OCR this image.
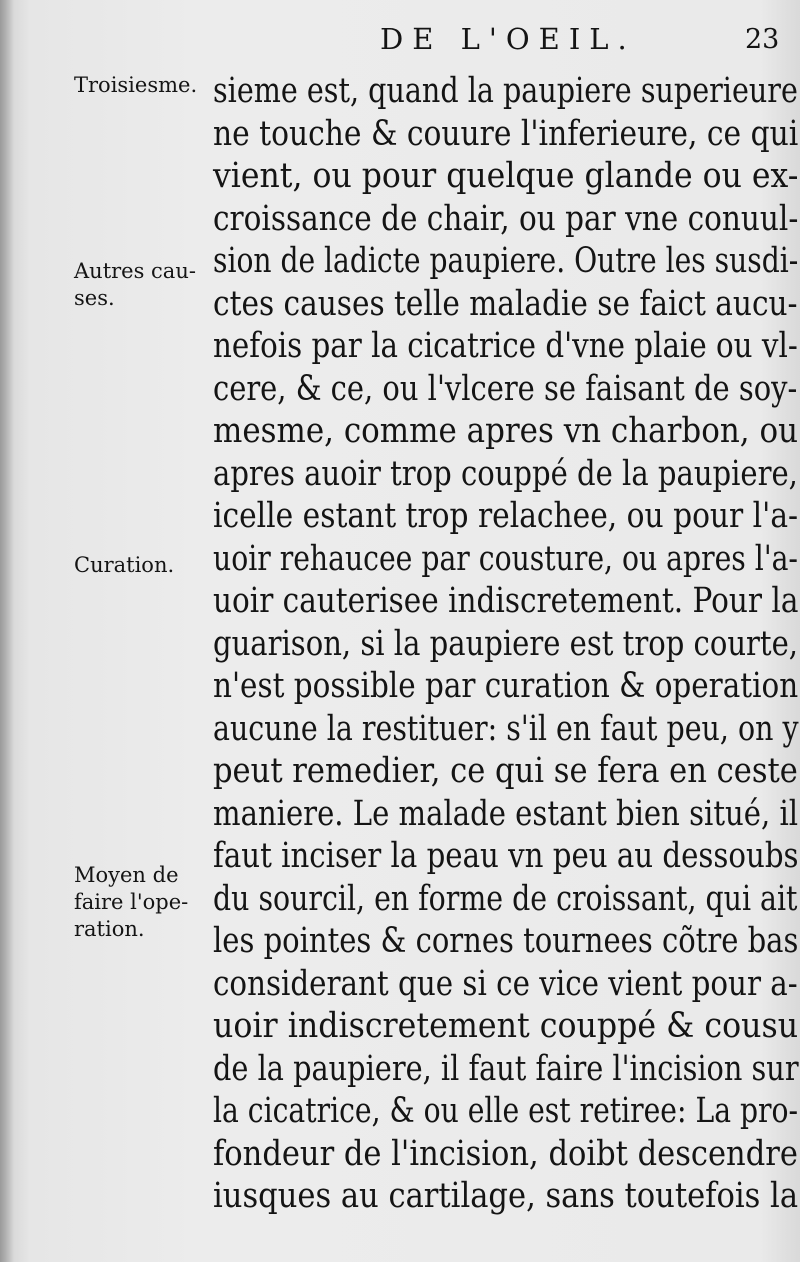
DE L'OEIL.	23
Troisiesme.
Autres cau-
ses.
Curation.
Moyen de
faire l'ope-
ration.
sieme est, quand la paupiere superieure
ne touche & couure l'inferieure, ce qui
vient, ou pour quelque glande ou ex-
croissance de chair, ou par vne conuul-
sion de ladicte paupiere. Outre les susdi-
ctes causes telle maladie se faict aucu-
nefois par la cicatrice d'vne plaie ou vl-
cere, & ce, ou l'vlcere se faisant de soy-
mesme, comme apres vn charbon, ou
apres auoir trop couppé de la paupiere,
icelle estant trop relachee, ou pour l'a-
uoir rehaucee par cousture, ou apres l'a-
uoir cauterisee indiscretement. Pour la
guarison, si la paupiere est trop courte,
n'est possible par curation & operation
aucune la restituer: s'il en faut peu, on y
peut remedier, ce qui se fera en ceste
maniere. Le malade estant bien situé, il
faut inciser la peau vn peu au dessoubs
du sourcil, en forme de croissant, qui ait
les pointes & cornes tournees cõtre bas
considerant que si ce vice vient pour a-
uoir indiscretement couppé & cousu
de la paupiere, il faut faire l'incision sur
la cicatrice, & ou elle est retiree: La pro-
fondeur de l'incision, doibt descendre
iusques au cartilage, sans toutefois la
